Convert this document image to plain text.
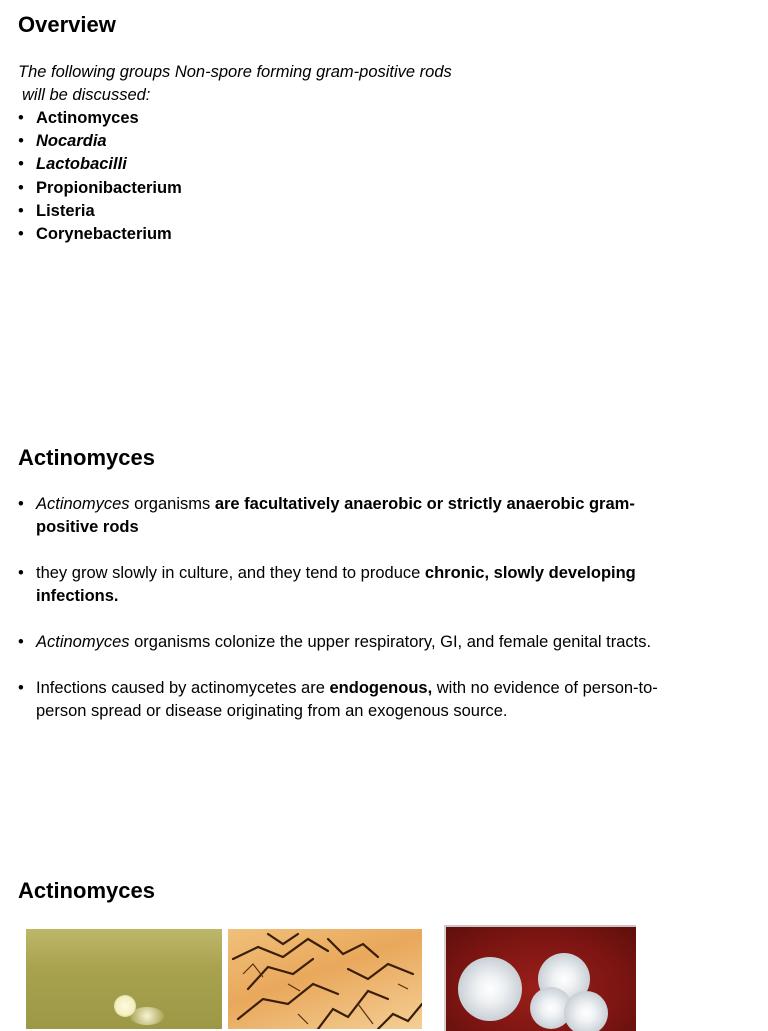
Overview
The following groups Non-spore forming gram-positive rods
will be discussed:
• Actinomyces
• Nocardia
• Lactobacilli
• Propionibacterium
• Listeria
• Corynebacterium
Actinomyces
• Actinomyces organisms are facultatively anaerobic or strictly anaerobic gram-positive rods
• they grow slowly in culture, and they tend to produce chronic, slowly developing infections.
• Actinomyces organisms colonize the upper respiratory, GI, and female genital tracts.
• Infections caused by actinomycetes are endogenous, with no evidence of person-to-person spread or disease originating from an exogenous source.
Actinomyces
